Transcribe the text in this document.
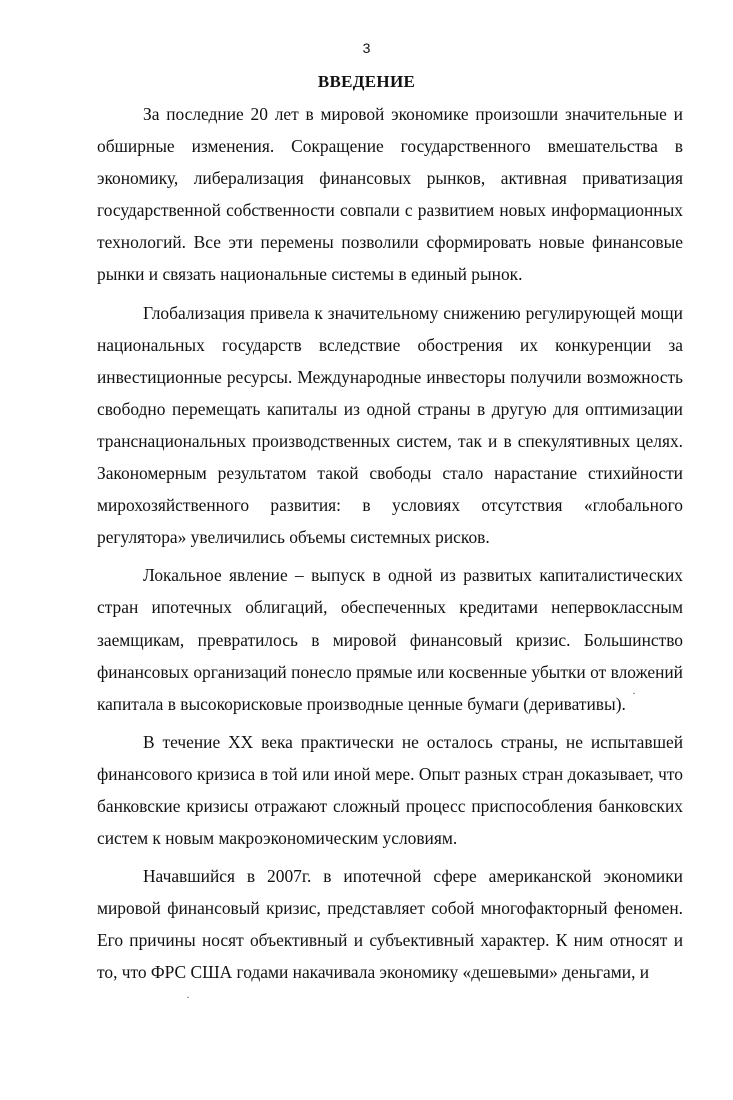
3
ВВЕДЕНИЕ

За последние 20 лет в мировой экономике произошли значительные и обширные изменения. Сокращение государственного вмешательства в экономику, либерализация финансовых рынков, активная приватизация государственной собственности совпали с развитием новых информационных технологий. Все эти перемены позволили сформировать новые финансовые рынки и связать национальные системы в единый рынок.

Глобализация привела к значительному снижению регулирующей мощи национальных государств вследствие обострения их конкуренции за инвестиционные ресурсы. Международные инвесторы получили возможность свободно перемещать капиталы из одной страны в другую для оптимизации транснациональных производственных систем, так и в спекулятивных целях. Закономерным результатом такой свободы стало нарастание стихийности мирохозяйственного развития: в условиях отсутствия «глобального регулятора» увеличились объемы системных рисков.

Локальное явление – выпуск в одной из развитых капиталистических стран ипотечных облигаций, обеспеченных кредитами непервоклассным заемщикам, превратилось в мировой финансовый кризис. Большинство финансовых организаций понесло прямые или косвенные убытки от вложений капитала в высокорисковые производные ценные бумаги (деривативы).

В течение XX века практически не осталось страны, не испытавшей финансового кризиса в той или иной мере. Опыт разных стран доказывает, что банковские кризисы отражают сложный процесс приспособления банковских систем к новым макроэкономическим условиям.

Начавшийся в 2007г. в ипотечной сфере американской экономики мировой финансовый кризис, представляет собой многофакторный феномен. Его причины носят объективный и субъективный характер. К ним относят и то, что ФРС США годами накачивала экономику «дешевыми» деньгами, и

·
·
